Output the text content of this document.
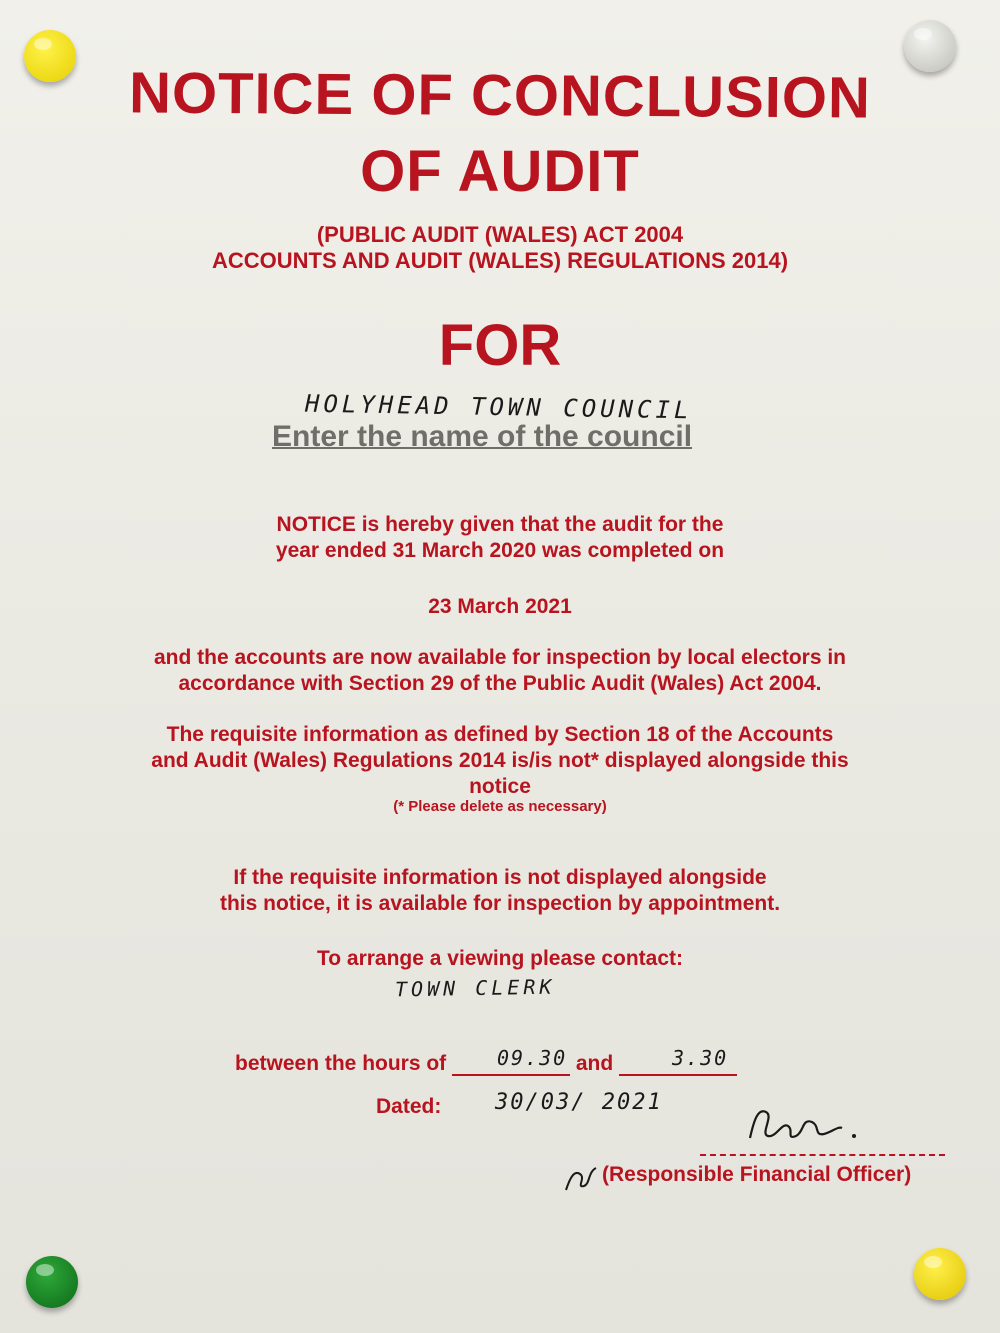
NOTICE OF CONCLUSION
OF AUDIT
(PUBLIC AUDIT (WALES) ACT 2004
ACCOUNTS AND AUDIT (WALES) REGULATIONS 2014)
FOR
HOLYHEAD TOWN COUNCIL
Enter the name of the council
NOTICE is hereby given that the audit for the
year ended 31 March 2020 was completed on
23 March 2021
and the accounts are now available for inspection by local electors in
accordance with Section 29 of the Public Audit (Wales) Act 2004.
The requisite information as defined by Section 18 of the Accounts
and Audit (Wales) Regulations 2014 is/is not* displayed alongside this
notice
(* Please delete as necessary)
If the requisite information is not displayed alongside
this notice, it is available for inspection by appointment.
To arrange a viewing please contact:
TOWN CLERK
between the hours of	and
09.30	3.30
Dated: 30/03/ 2021
(Responsible Financial Officer)
